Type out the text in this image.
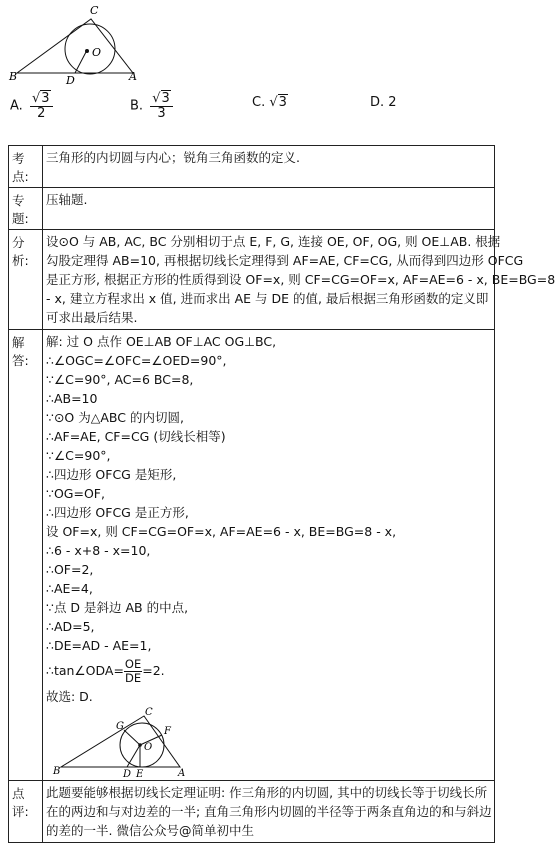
C
O
B	D	A
A. $\frac{√3}{2}$	B. $\frac{√3}{3}$	C. √3	D. 2
考点:
三角形的内切圆与内心；锐角三角函数的定义.
专题:
压轴题.
分析:
设⊙O 与 AB, AC, BC 分别相切于点 E, F, G, 连接 OE, OF, OG, 则 OE⊥AB. 根据
勾股定理得 AB=10, 再根据切线长定理得到 AF=AE, CF=CG, 从而得到四边形 OFCG
是正方形, 根据正方形的性质得到设 OF=x, 则 CF=CG=OF=x, AF=AE=6 - x, BE=BG=8
- x, 建立方程求出 x 值, 进而求出 AE 与 DE 的值, 最后根据三角形函数的定义即
可求出最后结果.
解答:
解: 过 O 点作 OE⊥AB OF⊥AC OG⊥BC,
∴∠OGC=∠OFC=∠OED=90°,
∵∠C=90°, AC=6 BC=8,
∴AB=10
∵⊙O 为△ABC 的内切圆,
∴AF=AE, CF=CG (切线长相等)
∵∠C=90°,
∴四边形 OFCG 是矩形,
∵OG=OF,
∴四边形 OFCG 是正方形,
设 OF=x, 则 CF=CG=OF=x, AF=AE=6 - x, BE=BG=8 - x,
∴6 - x+8 - x=10,
∴OF=2,
∴AE=4,
∵点 D 是斜边 AB 的中点,
∴AD=5,
∴DE=AD - AE=1,
∴tan∠ODA= $\frac{OE}{DE} =2$.
故选: D.
C
G	F
O
B	E
D	A
点评:
此题要能够根据切线长定理证明: 作三角形的内切圆, 其中的切线长等于切线长所
在的两边和与对边差的一半; 直角三角形内切圆的半径等于两条直角边的和与斜边
的差的一半. 微信公众号@简单初中生
